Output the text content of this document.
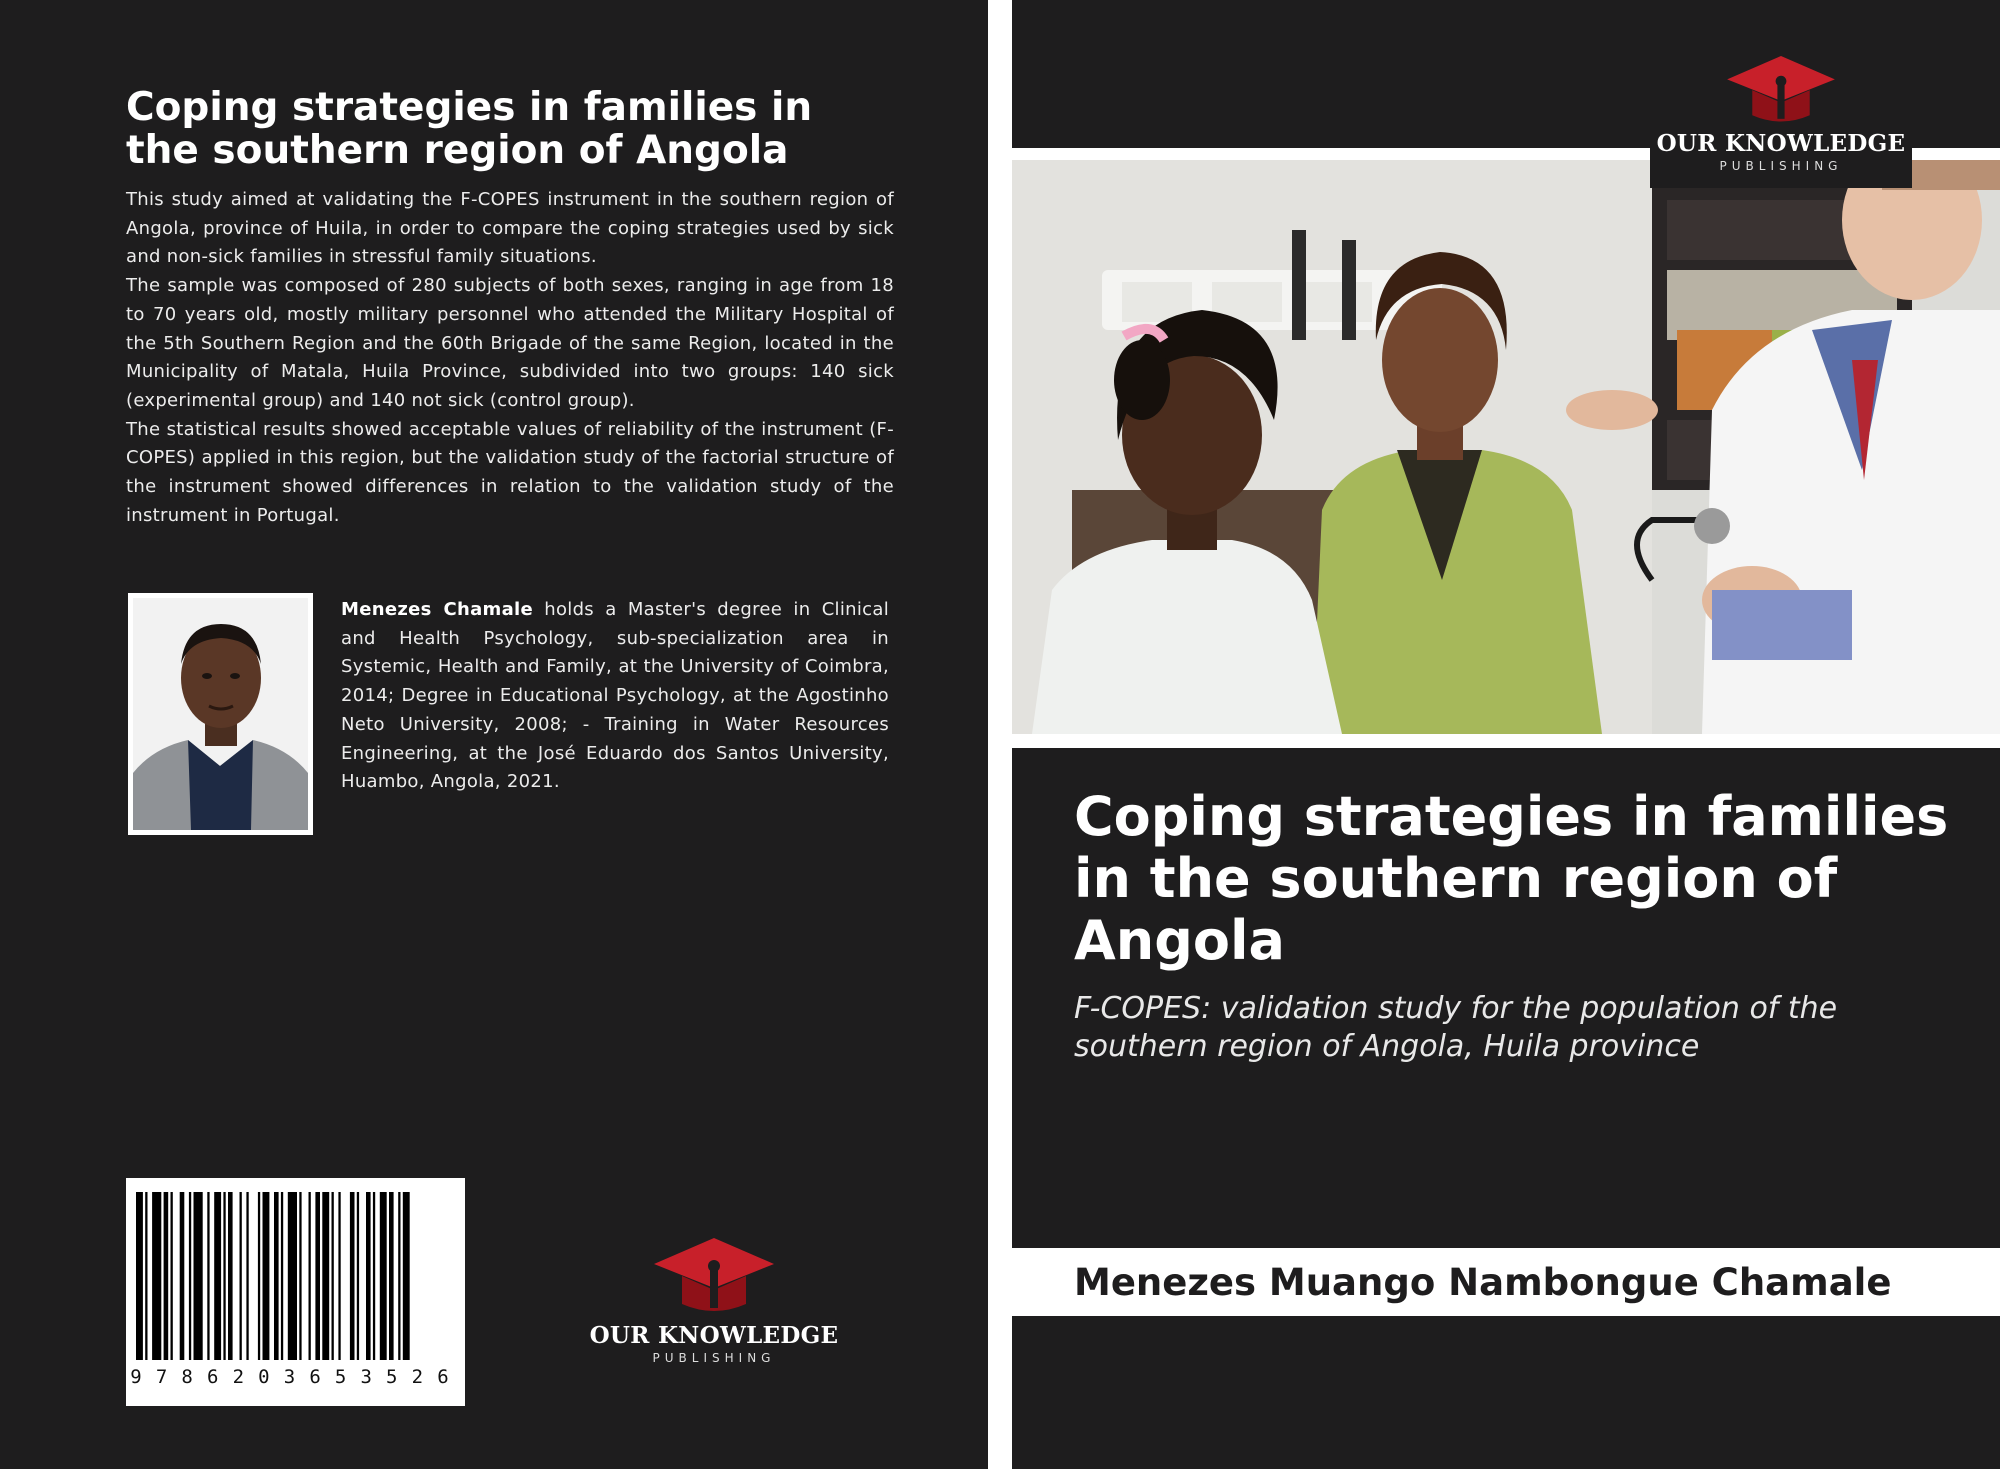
Coping strategies in families in
the southern region of Angola

This study aimed at validating the F-COPES instrument in the southern region of Angola, province of Huila, in order to compare the coping strategies used by sick and non-sick families in stressful family situations.

The sample was composed of 280 subjects of both sexes, ranging in age from 18 to 70 years old, mostly military personnel who attended the Military Hospital of the 5th Southern Region and the 60th Brigade of the same Region, located in the Municipality of Matala, Huila Province, subdivided into two groups: 140 sick (experimental group) and 140 not sick (control group).

The statistical results showed acceptable values of reliability of the instrument (F-COPES) applied in this region, but the validation study of the factorial structure of the instrument showed differences in relation to the validation study of the instrument in Portugal.

Menezes Chamale holds a Master's degree in Clinical and Health Psychology, sub-specialization area in Systemic, Health and Family, at the University of Coimbra, 2014; Degree in Educational Psychology, at the Agostinho Neto University, 2008; - Training in Water Resources Engineering, at the José Eduardo dos Santos University, Huambo, Angola, 2021.
9 7 8 6 2 0 3 6 5 3 5 2 6
OUR KNOWLEDGE
PUBLISHING
OUR KNOWLEDGE
PUBLISHING
Coping strategies in families in the southern region of Angola
F-COPES: validation study for the population of the southern region of Angola, Huila province
Menezes Muango Nambongue Chamale
